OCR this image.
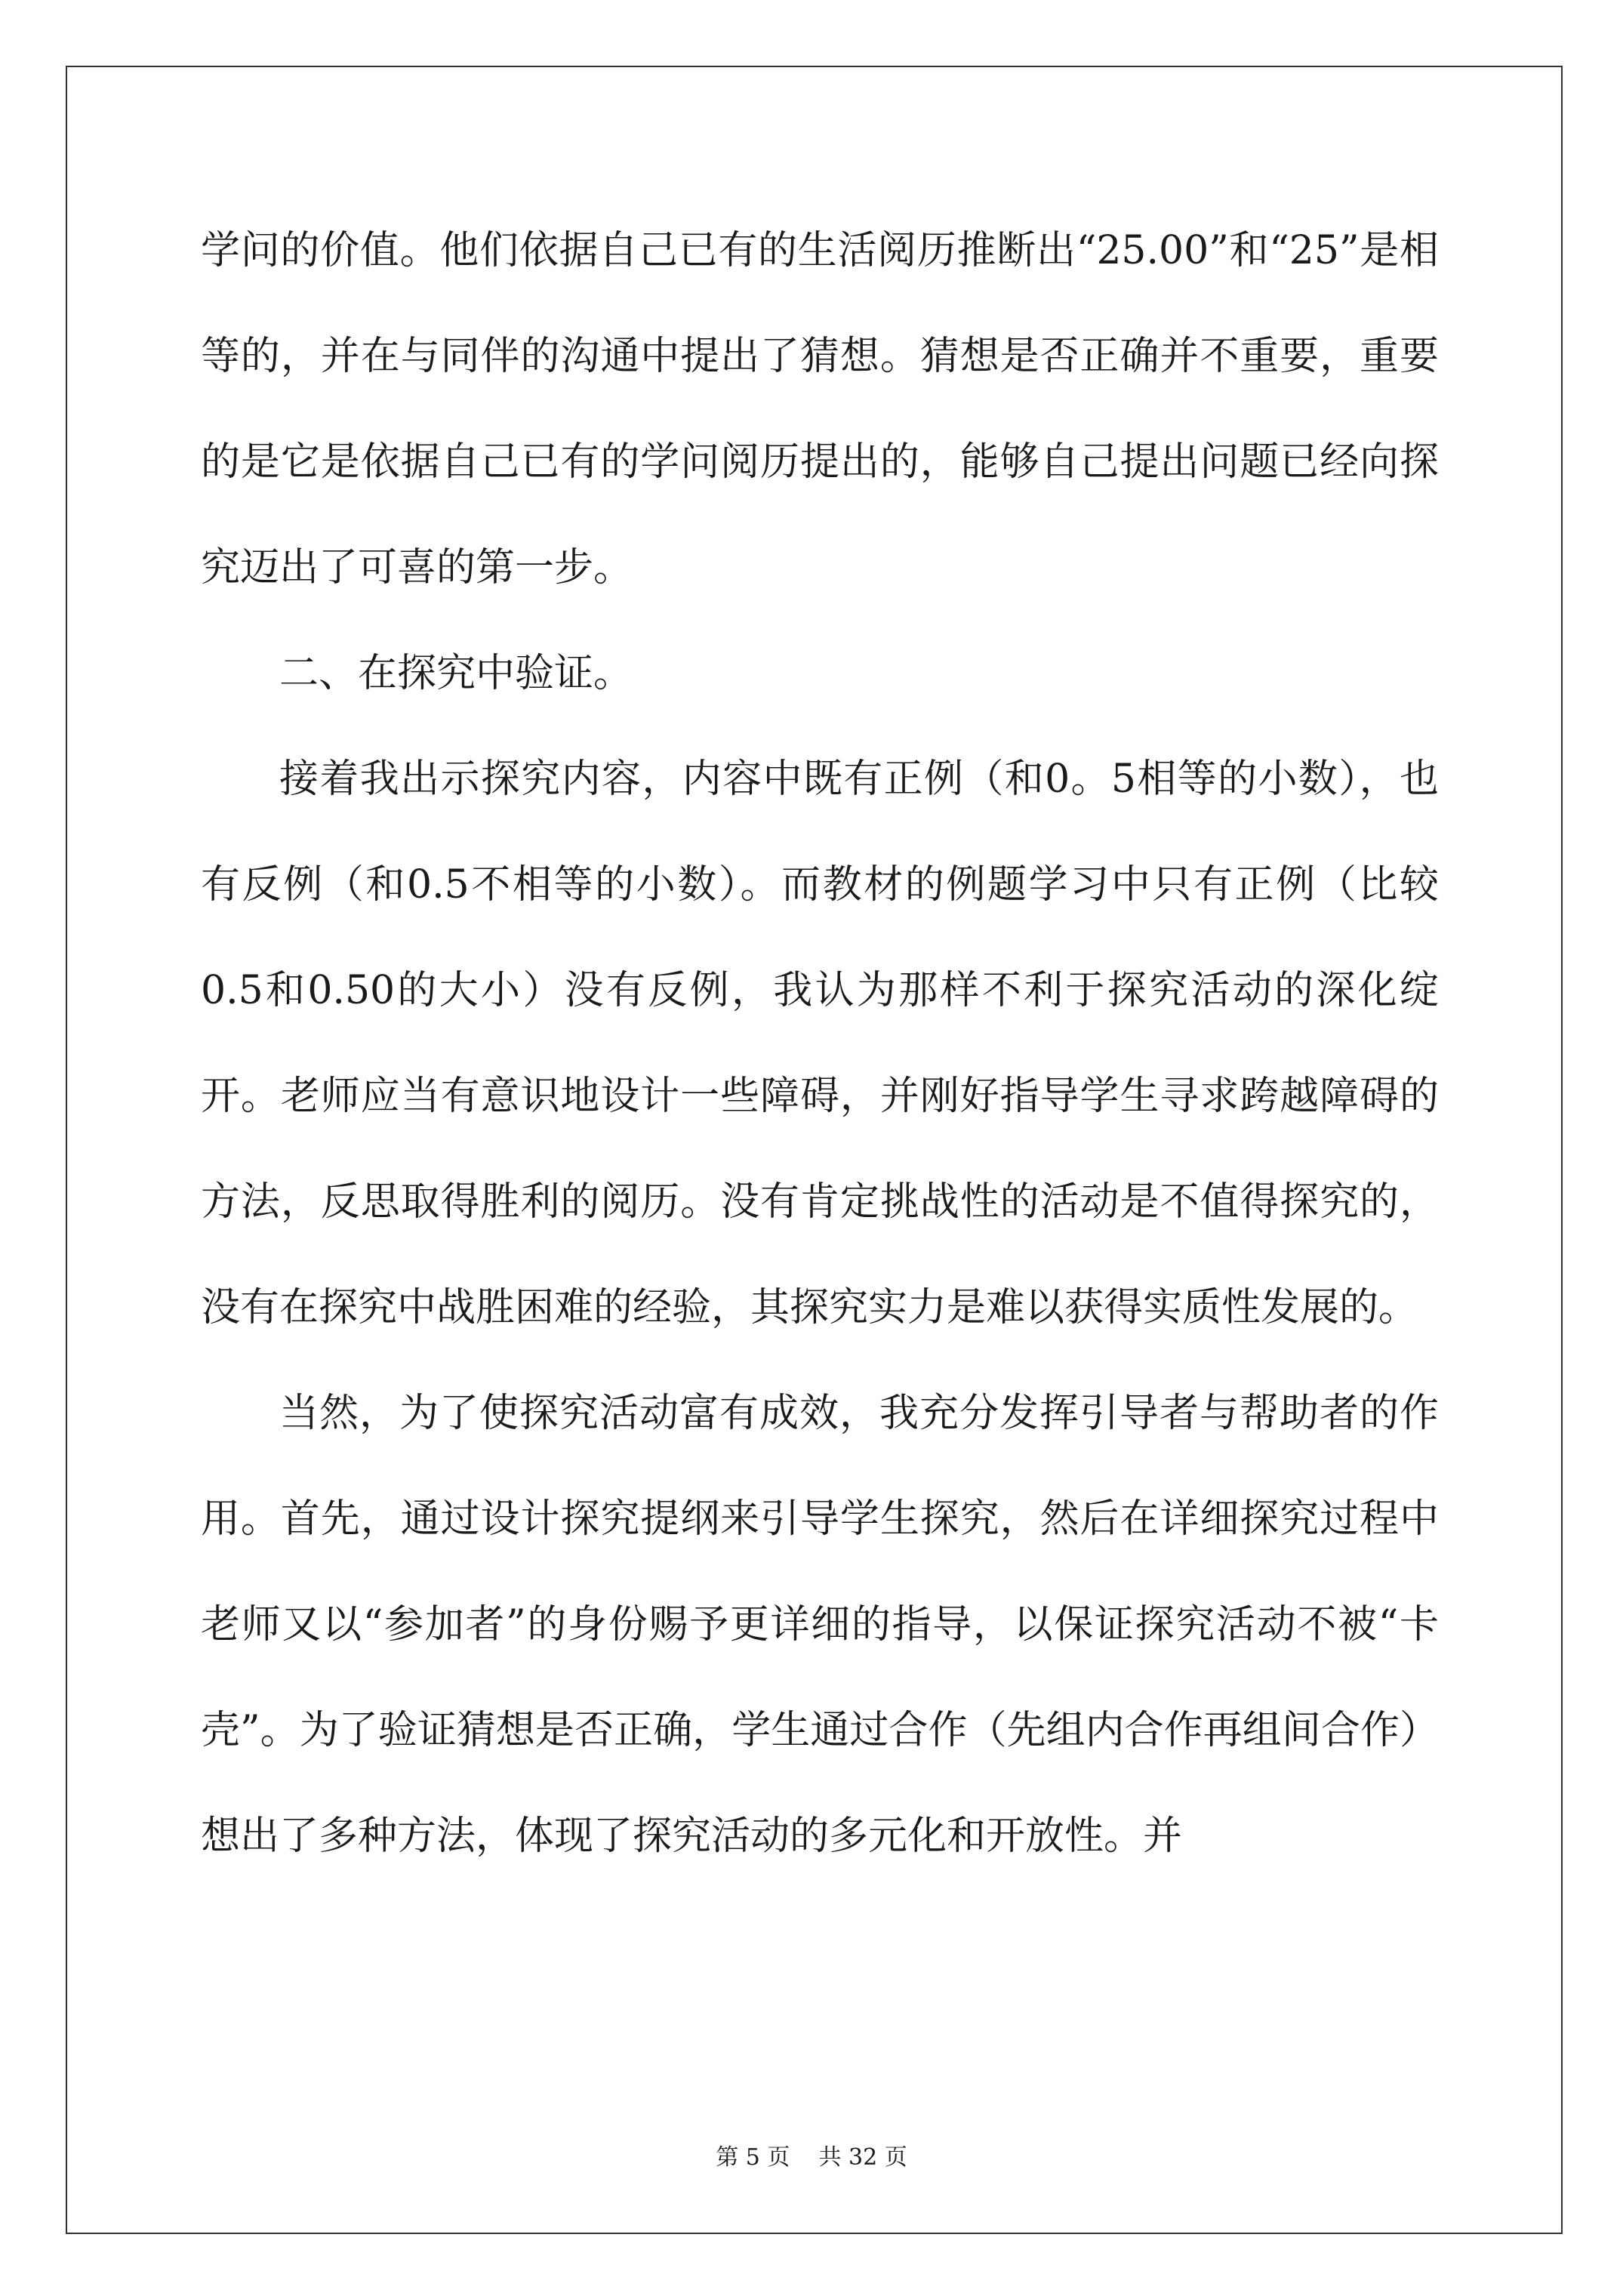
学问的价值。他们依据自己已有的生活阅历推断出“25.00”和“25”是相等的，并在与同伴的沟通中提出了猜想。猜想是否正确并不重要，重要的是它是依据自己已有的学问阅历提出的，能够自己提出问题已经向探究迈出了可喜的第一步。

二、在探究中验证。

接着我出示探究内容，内容中既有正例（和0。5相等的小数），也有反例（和0.5不相等的小数）。而教材的例题学习中只有正例（比较0.5和0.50的大小）没有反例，我认为那样不利于探究活动的深化绽开。老师应当有意识地设计一些障碍，并刚好指导学生寻求跨越障碍的方法，反思取得胜利的阅历。没有肯定挑战性的活动是不值得探究的，没有在探究中战胜困难的经验，其探究实力是难以获得实质性发展的。

当然，为了使探究活动富有成效，我充分发挥引导者与帮助者的作用。首先，通过设计探究提纲来引导学生探究，然后在详细探究过程中老师又以“参加者”的身份赐予更详细的指导，以保证探究活动不被“卡壳”。为了验证猜想是否正确，学生通过合作（先组内合作再组间合作）想出了多种方法，体现了探究活动的多元化和开放性。并

第 5 页    共 32 页
